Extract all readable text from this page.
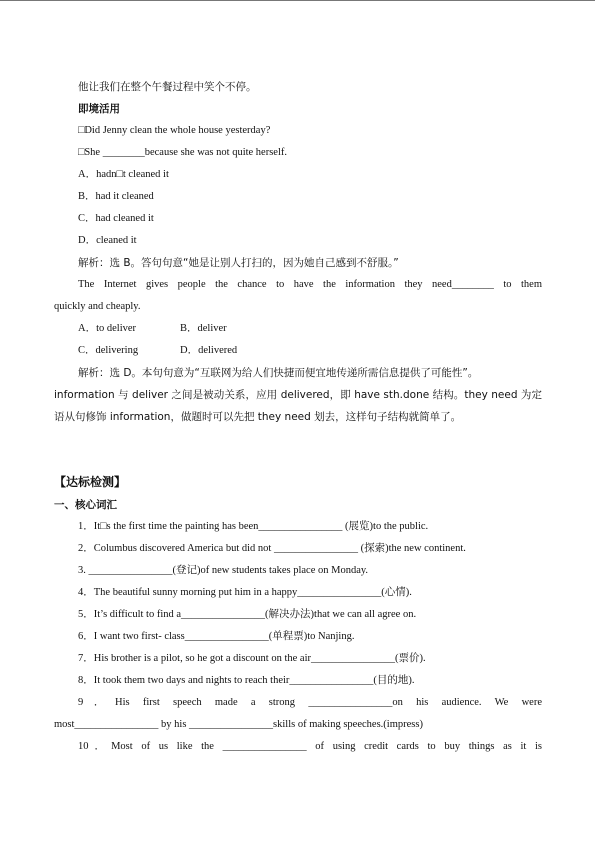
他让我们在整个午餐过程中笑个不停。
即境活用
□Did Jenny clean the whole house yesterday?
□She ________because she was not quite herself.
A．hadn□t cleaned it
B．had it cleaned
C．had cleaned it
D．cleaned it
解析：选 B。答句句意“她是让别人打扫的，因为她自己感到不舒服。”
The Internet gives people the chance to have the information they need________ to them
quickly and cheaply.
A．to deliver	B．deliver
C．delivering	D．delivered
解析：选 D。本句句意为“互联网为给人们快捷而便宜地传递所需信息提供了可能性”。
information 与 deliver 之间是被动关系，应用 delivered，即 have sth.done 结构。they need 为定
语从句修饰 information，做题时可以先把 they need 划去，这样句子结构就简单了。
【达标检测】
一、核心词汇
1．It□s the first time the painting has been________________ (展览)to the public.
2．Columbus discovered America but did not ________________ (探索)the new continent.
3. ________________(登记)of new students takes place on Monday.
4．The beautiful sunny morning put him in a happy________________(心情).
5．It’s difficult to find a________________(解决办法)that we can all agree on.
6．I want two first- class________________(单程票)to Nanjing.
7．His brother is a pilot, so he got a discount on the air________________(票价).
8．It took them two days and nights to reach their________________(目的地).
9．His first speech made a strong ________________on his audience. We were
most________________ by his ________________skills of making speeches.(impress)
10．Most of us like the ________________ of using credit cards to buy things as it is
